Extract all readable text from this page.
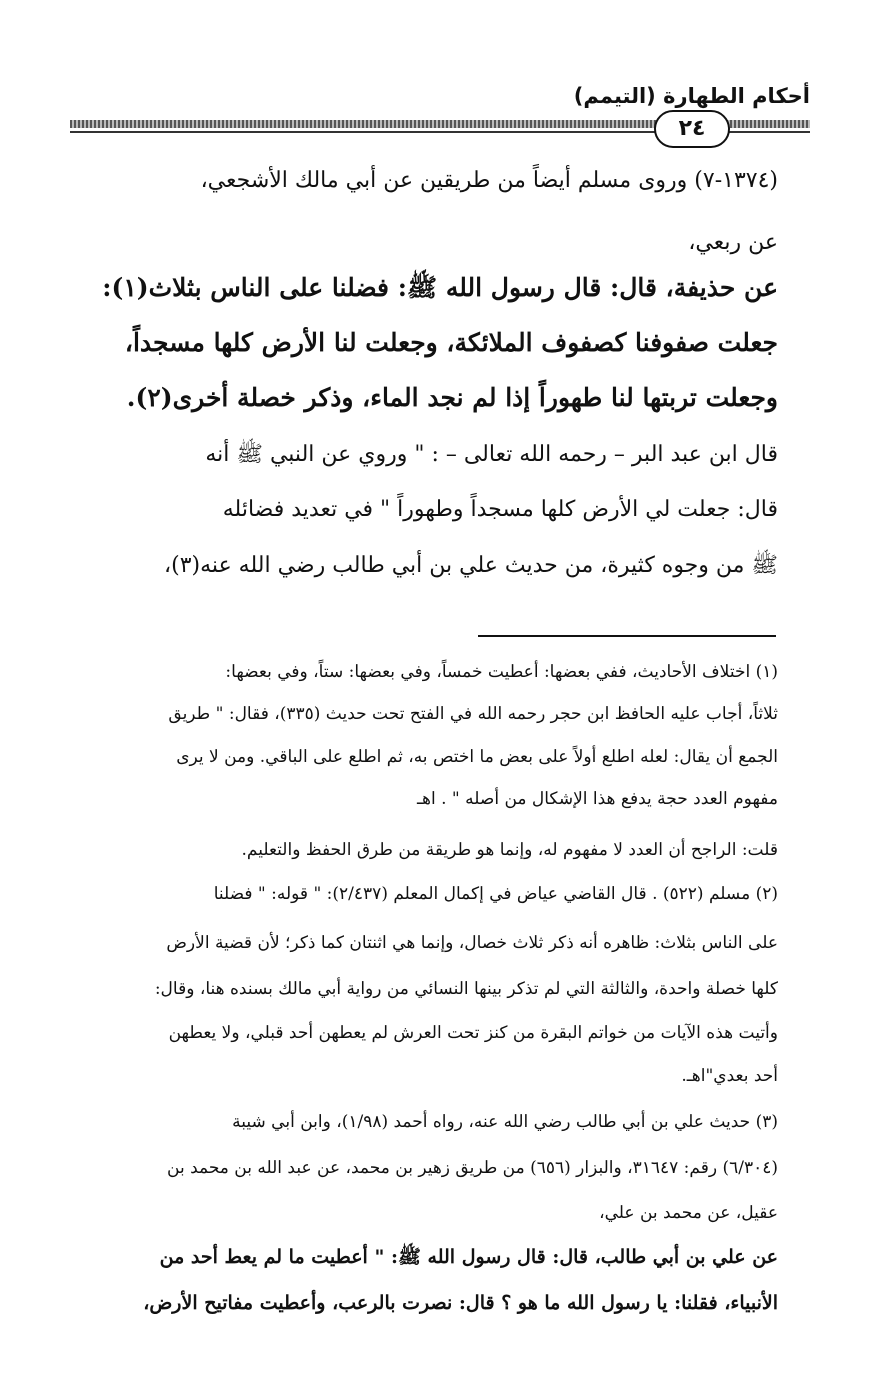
أحكام الطهارة (التيمم)
٢٤
(١٣٧٤-٧) وروى مسلم أيضاً من طريقين عن أبي مالك الأشجعي،
عن ربعي،
عن حذيفة، قال: قال رسول الله ﷺ: فضلنا على الناس بثلاث(١):
جعلت صفوفنا كصفوف الملائكة، وجعلت لنا الأرض كلها مسجداً،
وجعلت تربتها لنا طهوراً إذا لم نجد الماء، وذكر خصلة أخرى(٢).
قال ابن عبد البر – رحمه الله تعالى – : " وروي عن النبي ﷺ أنه
قال: جعلت لي الأرض كلها مسجداً وطهوراً " في تعديد فضائله
ﷺ من وجوه كثيرة، من حديث علي بن أبي طالب رضي الله عنه(٣)،
(١) اختلاف الأحاديث، ففي بعضها: أعطيت خمساً، وفي بعضها: ستاً، وفي بعضها:
ثلاثاً، أجاب عليه الحافظ ابن حجر رحمه الله في الفتح تحت حديث (٣٣٥)، فقال: " طريق
الجمع أن يقال: لعله اطلع أولاً على بعض ما اختص به، ثم اطلع على الباقي. ومن لا يرى
مفهوم العدد حجة يدفع هذا الإشكال من أصله " . اهـ
قلت: الراجح أن العدد لا مفهوم له، وإنما هو طريقة من طرق الحفظ والتعليم.
(٢) مسلم (٥٢٢) . قال القاضي عياض في إكمال المعلم (٢/٤٣٧): " قوله: " فضلنا
على الناس بثلاث: ظاهره أنه ذكر ثلاث خصال، وإنما هي اثنتان كما ذكر؛ لأن قضية الأرض
كلها خصلة واحدة، والثالثة التي لم تذكر بينها النسائي من رواية أبي مالك بسنده هنا، وقال:
وأتيت هذه الآيات من خواتم البقرة من كنز تحت العرش لم يعطهن أحد قبلي، ولا يعطهن
أحد بعدي"اهـ.
(٣) حديث علي بن أبي طالب رضي الله عنه، رواه أحمد (١/٩٨)، وابن أبي شيبة
(٦/٣٠٤) رقم: ٣١٦٤٧، والبزار (٦٥٦) من طريق زهير بن محمد، عن عبد الله بن محمد بن
عقيل، عن محمد بن علي،
عن علي بن أبي طالب، قال: قال رسول الله ﷺ: " أعطيت ما لم يعط أحد من
الأنبياء، فقلنا: يا رسول الله ما هو ؟ قال: نصرت بالرعب، وأعطيت مفاتيح الأرض،
